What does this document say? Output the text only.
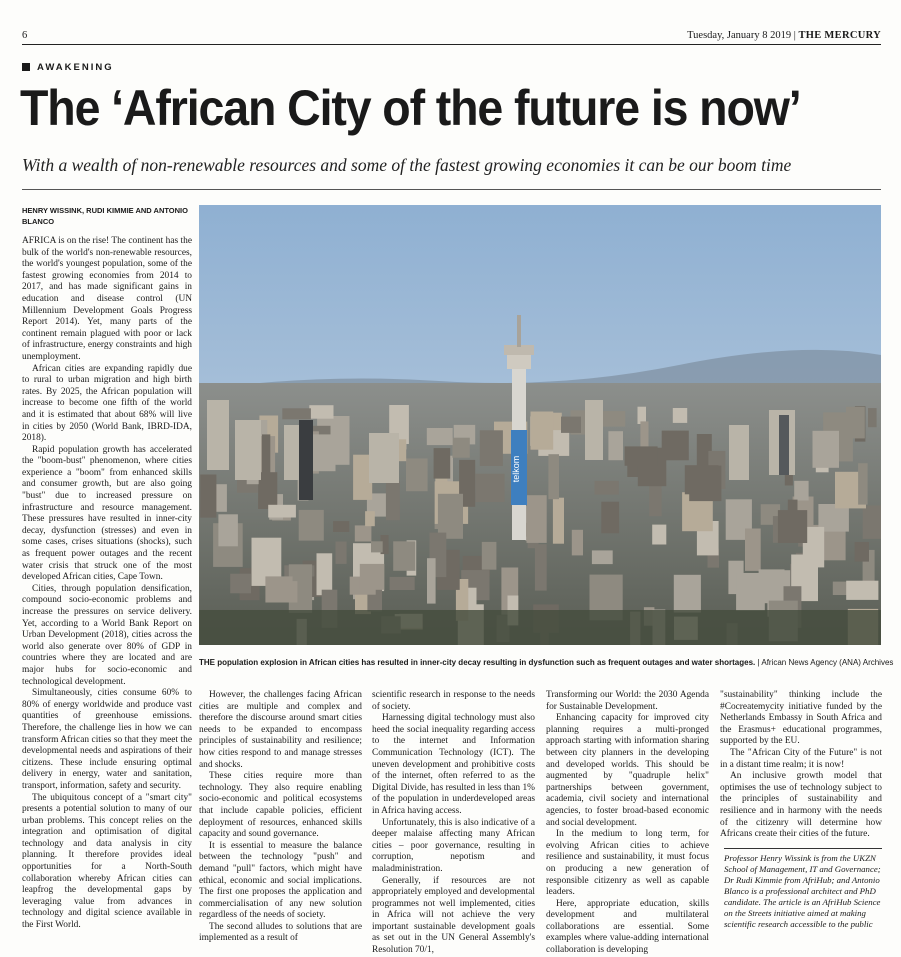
6	Tuesday, January 8 2019 | THE MERCURY
AWAKENING
The ‘African City of the future is now’
With a wealth of non-renewable resources and some of the fastest growing economies it can be our boom time
HENRY WISSINK, RUDI KIMMIE AND ANTONIO BLANCO
telkom
THE population explosion in African cities has resulted in inner-city decay resulting in dysfunction such as frequent outages and water shortages. | African News Agency (ANA) Archives

AFRICA is on the rise! The continent has the bulk of the world's non-renewable resources, the world's youngest population, some of the fastest growing economies from 2014 to 2017, and has made significant gains in education and disease control (UN Millennium Development Goals Progress Report 2014). Yet, many parts of the continent remain plagued with poor or lack of infrastructure, energy constraints and high unemployment.

African cities are expanding rapidly due to rural to urban migration and high birth rates. By 2025, the African population will increase to become one fifth of the world and it is estimated that about 68% will live in cities by 2050 (World Bank, IBRD-IDA, 2018).

Rapid population growth has accelerated the "boom-bust" phenomenon, where cities experience a "boom" from enhanced skills and consumer growth, but are also going "bust" due to increased pressure on infrastructure and resource management. These pressures have resulted in inner-city decay, dysfunction (stresses) and even in some cases, crises situations (shocks), such as frequent power outages and the recent water crisis that struck one of the most developed African cities, Cape Town.

Cities, through population densification, compound socio-economic problems and increase the pressures on service delivery. Yet, according to a World Bank Report on Urban Development (2018), cities across the world also generate over 80% of GDP in countries where they are located and are major hubs for socio-economic and technological development.

Simultaneously, cities consume 60% to 80% of energy worldwide and produce vast quantities of greenhouse emissions. Therefore, the challenge lies in how we can transform African cities so that they meet the developmental needs and aspirations of their citizens. These include ensuring optimal delivery in energy, water and sanitation, transport, information, safety and security.

The ubiquitous concept of a "smart city" presents a potential solution to many of our urban problems. This concept relies on the integration and optimisation of digital technology and data analysis in city planning. It therefore provides ideal opportunities for a North-South collaboration whereby African cities can leapfrog the developmental gaps by leveraging value from advances in technology and digital science available in the First World.

However, the challenges facing African cities are multiple and complex and therefore the discourse around smart cities needs to be expanded to encompass principles of sustainability and resilience; how cities respond to and manage stresses and shocks.

These cities require more than technology. They also require enabling socio-economic and political ecosystems that include capable policies, efficient deployment of resources, enhanced skills capacity and sound governance.

It is essential to measure the balance between the technology "push" and demand "pull" factors, which might have ethical, economic and social implications. The first one proposes the application and commercialisation of any new solution regardless of the needs of society.

The second alludes to solutions that are implemented as a result of

scientific research in response to the needs of society.

Harnessing digital technology must also heed the social inequality regarding access to the internet and Information Communication Technology (ICT). The uneven development and prohibitive costs of the internet, often referred to as the Digital Divide, has resulted in less than 1% of the population in underdeveloped areas in Africa having access.

Unfortunately, this is also indicative of a deeper malaise affecting many African cities – poor governance, resulting in corruption, nepotism and maladministration.

Generally, if resources are not appropriately employed and developmental programmes not well implemented, cities in Africa will not achieve the very important sustainable development goals as set out in the UN General Assembly's Resolution 70/1,

Transforming our World: the 2030 Agenda for Sustainable Development.

Enhancing capacity for improved city planning requires a multi-pronged approach starting with information sharing between city planners in the developing and developed worlds. This should be augmented by "quadruple helix" partnerships between government, academia, civil society and international agencies, to foster broad-based economic and social development.

In the medium to long term, for evolving African cities to achieve resilience and sustainability, it must focus on producing a new generation of responsible citizenry as well as capable leaders.

Here, appropriate education, skills development and multilateral collaborations are essential. Some examples where value-adding international collaboration is developing

"sustainability" thinking include the #Cocreatemycity initiative funded by the Netherlands Embassy in South Africa and the Erasmus+ educational programmes, supported by the EU.

The "African City of the Future" is not in a distant time realm; it is now!

An inclusive growth model that optimises the use of technology subject to the principles of sustainability and resilience and in harmony with the needs of the citizenry will determine how Africans create their cities of the future.

Professor Henry Wissink is from the UKZN School of Management, IT and Governance; Dr Rudi Kimmie from AfriHub; and Antonio Blanco is a professional architect and PhD candidate. The article is an AfriHub Science on the Streets initiative aimed at making scientific research accessible to the public
